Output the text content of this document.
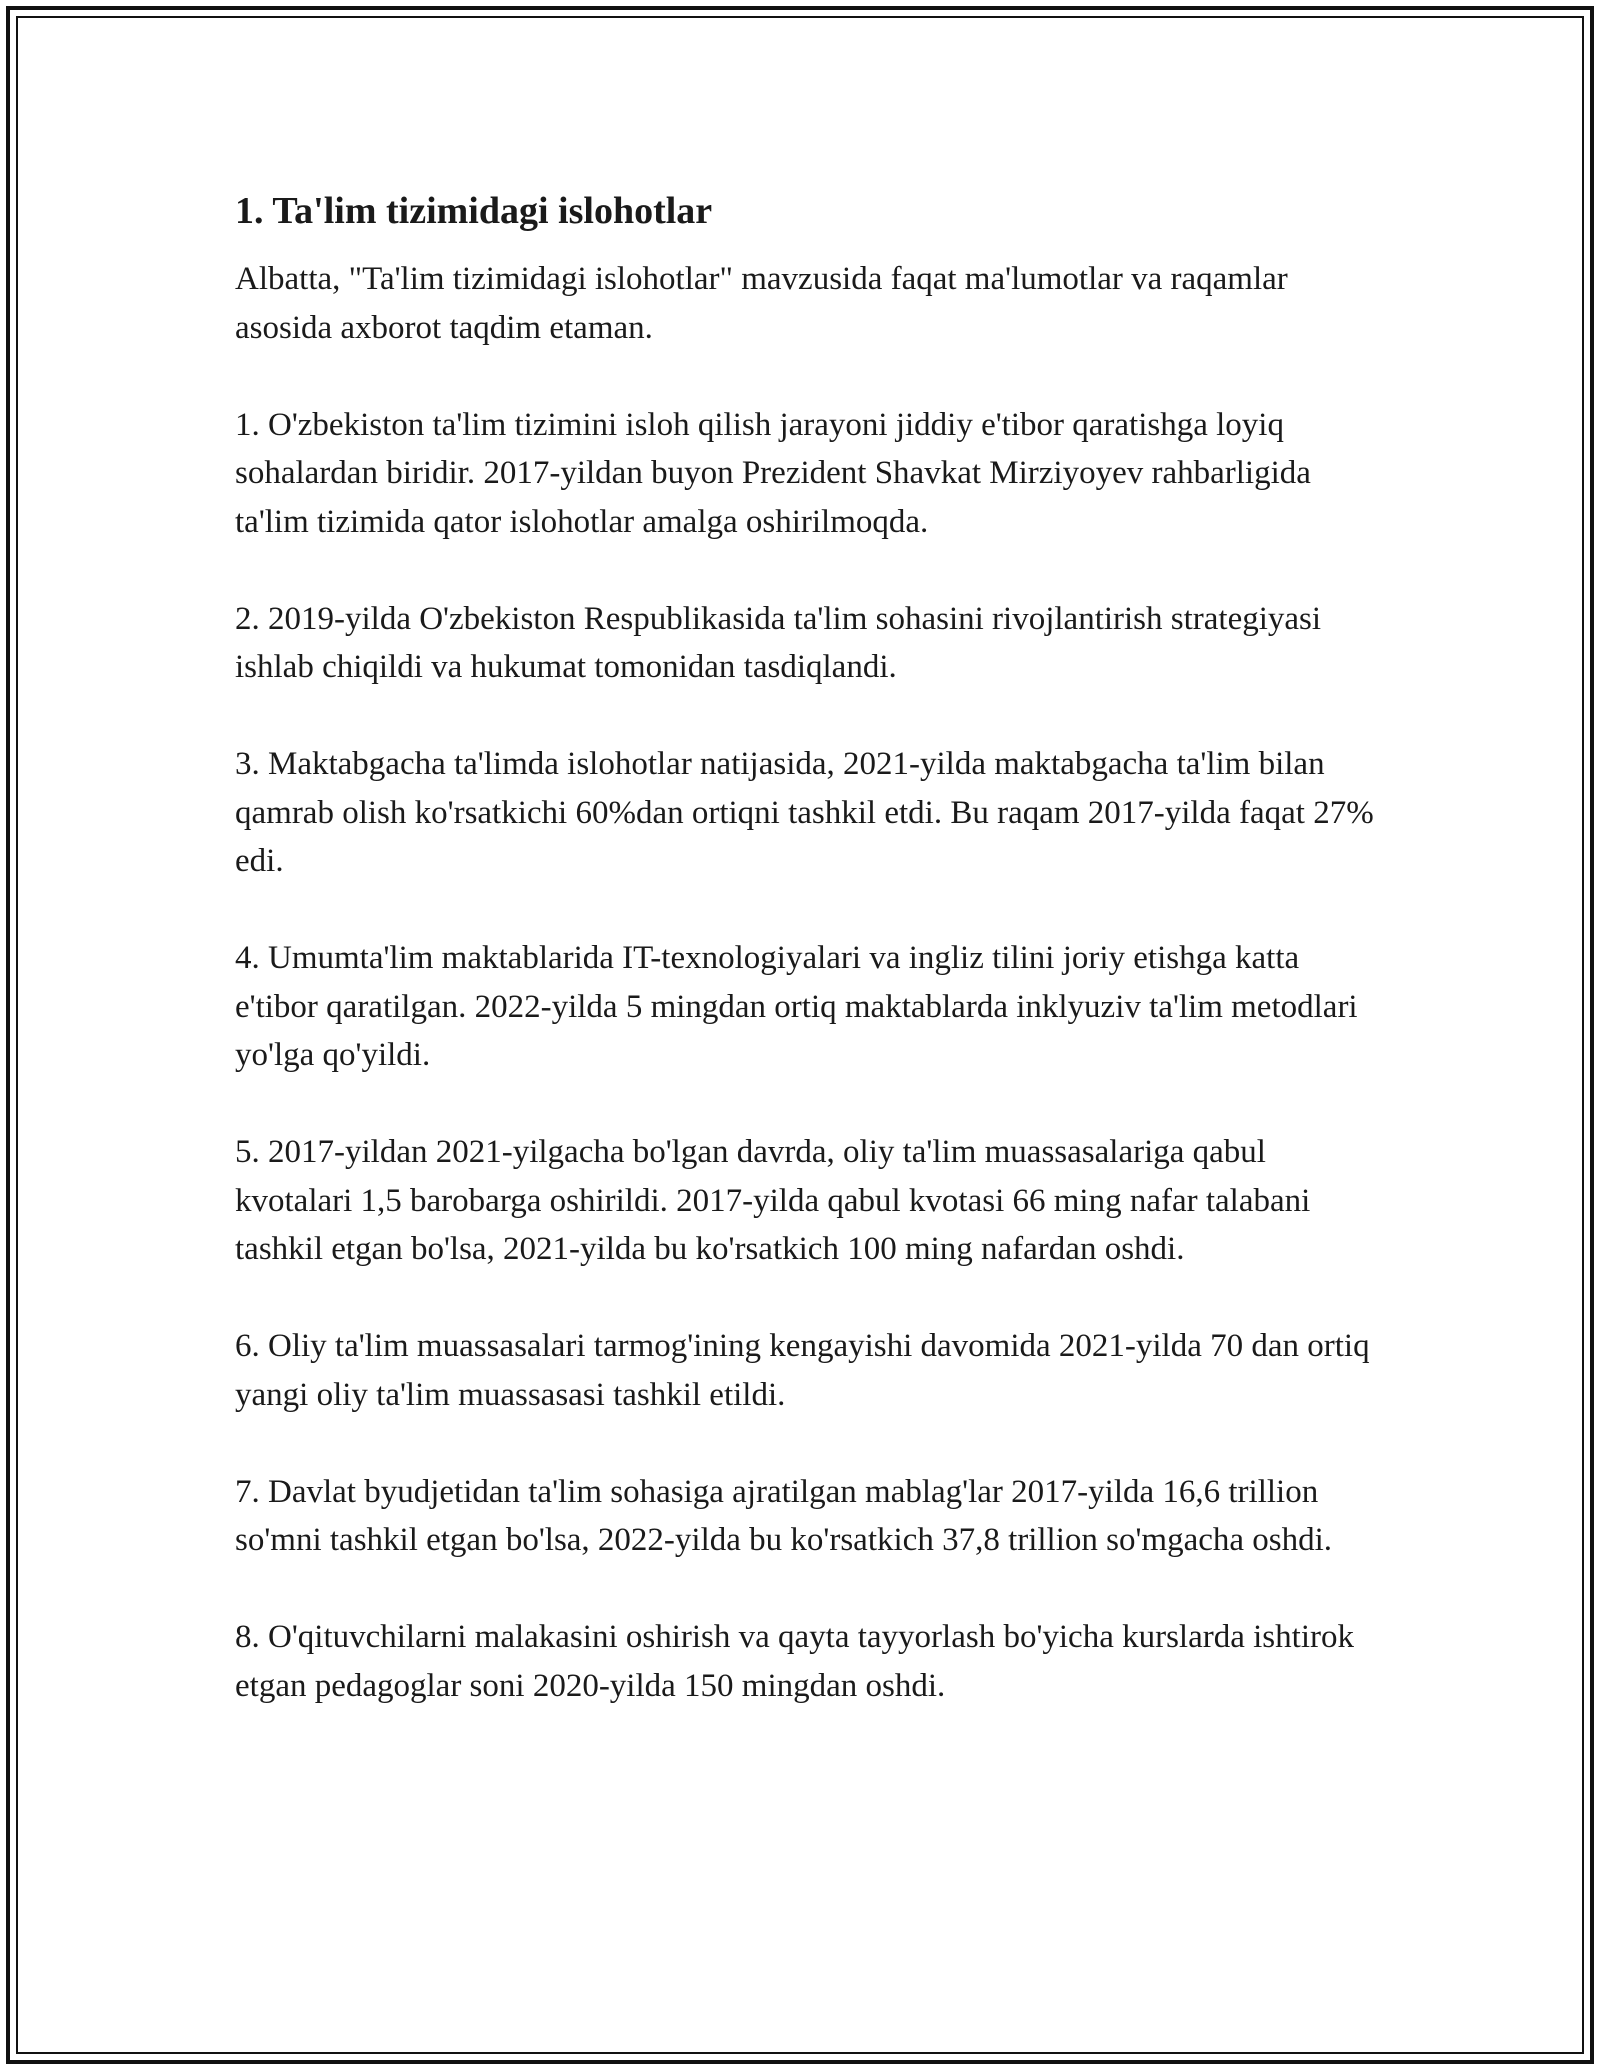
1. Ta'lim tizimidagi islohotlar

Albatta, "Ta'lim tizimidagi islohotlar" mavzusida faqat ma'lumotlar va raqamlar asosida axborot taqdim etaman.

1. O'zbekiston ta'lim tizimini isloh qilish jarayoni jiddiy e'tibor qaratishga loyiq sohalardan biridir. 2017-yildan buyon Prezident Shavkat Mirziyoyev rahbarligida ta'lim tizimida qator islohotlar amalga oshirilmoqda.

2. 2019-yilda O'zbekiston Respublikasida ta'lim sohasini rivojlantirish strategiyasi ishlab chiqildi va hukumat tomonidan tasdiqlandi.

3. Maktabgacha ta'limda islohotlar natijasida, 2021-yilda maktabgacha ta'lim bilan qamrab olish ko'rsatkichi 60%dan ortiqni tashkil etdi. Bu raqam 2017-yilda faqat 27% edi.

4. Umumta'lim maktablarida IT-texnologiyalari va ingliz tilini joriy etishga katta e'tibor qaratilgan. 2022-yilda 5 mingdan ortiq maktablarda inklyuziv ta'lim metodlari yo'lga qo'yildi.

5. 2017-yildan 2021-yilgacha bo'lgan davrda, oliy ta'lim muassasalariga qabul kvotalari 1,5 barobarga oshirildi. 2017-yilda qabul kvotasi 66 ming nafar talabani tashkil etgan bo'lsa, 2021-yilda bu ko'rsatkich 100 ming nafardan oshdi.

6. Oliy ta'lim muassasalari tarmog'ining kengayishi davomida 2021-yilda 70 dan ortiq yangi oliy ta'lim muassasasi tashkil etildi.

7. Davlat byudjetidan ta'lim sohasiga ajratilgan mablag'lar 2017-yilda 16,6 trillion so'mni tashkil etgan bo'lsa, 2022-yilda bu ko'rsatkich 37,8 trillion so'mgacha oshdi.

8. O'qituvchilarni malakasini oshirish va qayta tayyorlash bo'yicha kurslarda ishtirok etgan pedagoglar soni 2020-yilda 150 mingdan oshdi.
